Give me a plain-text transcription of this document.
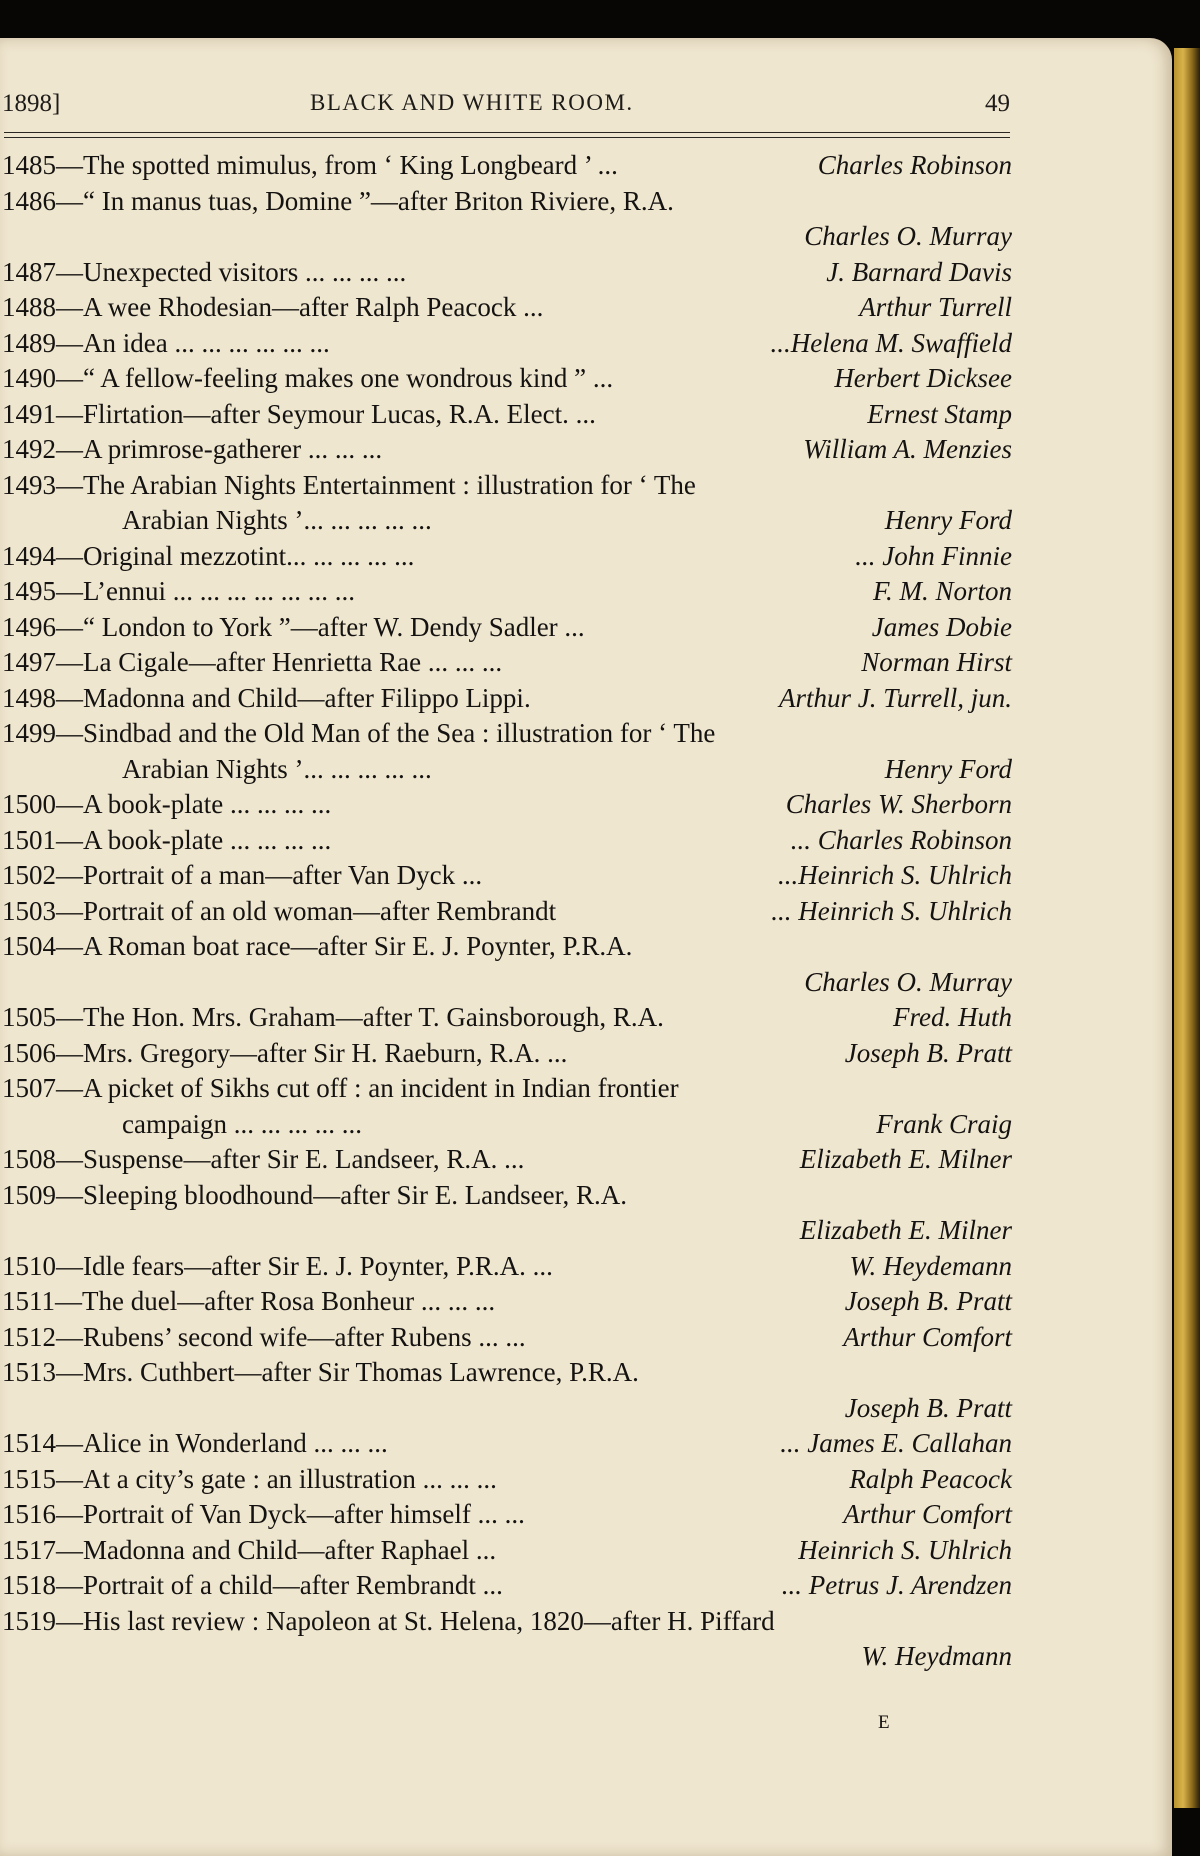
1898]	BLACK AND WHITE ROOM.	49
1485—The spotted mimulus, from ‘ King Longbeard ’ ...	Charles Robinson
1486—“ In manus tuas, Domine ”—after Briton Riviere, R.A.
Charles O. Murray
1487—Unexpected visitors ... ... ... ...	J. Barnard Davis
1488—A wee Rhodesian—after Ralph Peacock ...	Arthur Turrell
1489—An idea ... ... ... ... ... ...	...Helena M. Swaffield
1490—“ A fellow-feeling makes one wondrous kind ” ...	Herbert Dicksee
1491—Flirtation—after Seymour Lucas, R.A. Elect. ...	Ernest Stamp
1492—A primrose-gatherer ... ... ...	William A. Menzies
1493—The Arabian Nights Entertainment : illustration for ‘ The
Arabian Nights ’... ... ... ... ...	Henry Ford
1494—Original mezzotint... ... ... ... ...	... John Finnie
1495—L’ennui ... ... ... ... ... ... ...	F. M. Norton
1496—“ London to York ”—after W. Dendy Sadler ...	James Dobie
1497—La Cigale—after Henrietta Rae ... ... ...	Norman Hirst
1498—Madonna and Child—after Filippo Lippi.	Arthur J. Turrell, jun.
1499—Sindbad and the Old Man of the Sea : illustration for ‘ The
Arabian Nights ’... ... ... ... ...	Henry Ford
1500—A book-plate ... ... ... ...	Charles W. Sherborn
1501—A book-plate ... ... ... ...	... Charles Robinson
1502—Portrait of a man—after Van Dyck ...	...Heinrich S. Uhlrich
1503—Portrait of an old woman—after Rembrandt	... Heinrich S. Uhlrich
1504—A Roman boat race—after Sir E. J. Poynter, P.R.A.
Charles O. Murray
1505—The Hon. Mrs. Graham—after T. Gainsborough, R.A.	Fred. Huth
1506—Mrs. Gregory—after Sir H. Raeburn, R.A. ...	Joseph B. Pratt
1507—A picket of Sikhs cut off : an incident in Indian frontier
campaign ... ... ... ... ...	Frank Craig
1508—Suspense—after Sir E. Landseer, R.A. ...	Elizabeth E. Milner
1509—Sleeping bloodhound—after Sir E. Landseer, R.A.
Elizabeth E. Milner
1510—Idle fears—after Sir E. J. Poynter, P.R.A. ...	W. Heydemann
1511—The duel—after Rosa Bonheur ... ... ...	Joseph B. Pratt
1512—Rubens’ second wife—after Rubens ... ...	Arthur Comfort
1513—Mrs. Cuthbert—after Sir Thomas Lawrence, P.R.A.
Joseph B. Pratt
1514—Alice in Wonderland ... ... ...	... James E. Callahan
1515—At a city’s gate : an illustration ... ... ...	Ralph Peacock
1516—Portrait of Van Dyck—after himself ... ...	Arthur Comfort
1517—Madonna and Child—after Raphael ...	Heinrich S. Uhlrich
1518—Portrait of a child—after Rembrandt ...	... Petrus J. Arendzen
1519—His last review : Napoleon at St. Helena, 1820—after H. Piffard
W. Heydmann
E
